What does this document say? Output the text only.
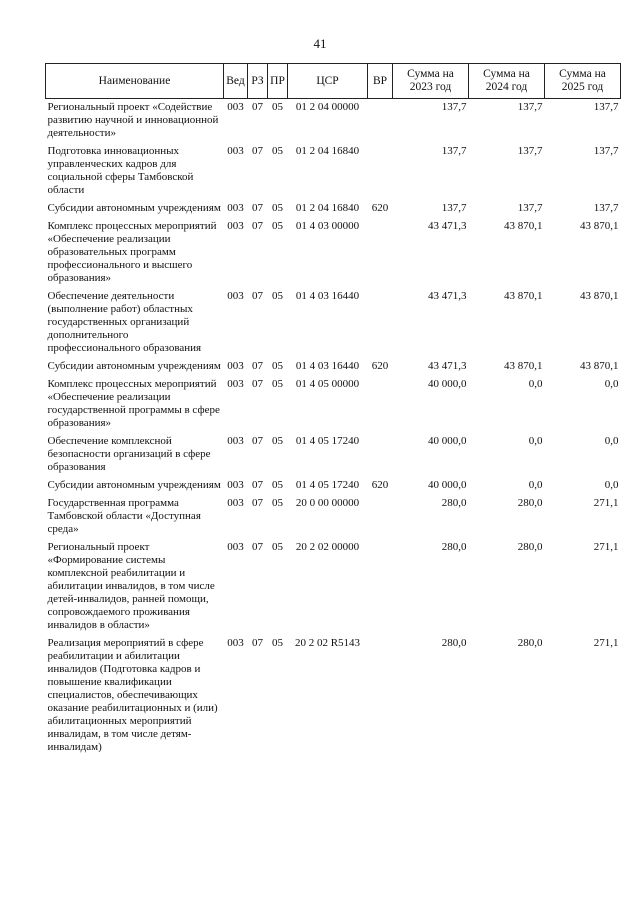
41
Наименование	Вед	РЗ	ПР	ЦСР	ВР	Сумма на 2023 год	Сумма на 2024 год	Сумма на 2025 год
Региональный проект «Содействие развитию научной и инновационной деятельности»	003	07	05	01 2 04 00000		137,7	137,7	137,7
Подготовка инновационных управленческих кадров для социальной сферы Тамбовской области	003	07	05	01 2 04 16840		137,7	137,7	137,7
Субсидии автономным учреждениям	003	07	05	01 2 04 16840	620	137,7	137,7	137,7
Комплекс процессных мероприятий «Обеспечение реализации образовательных программ профессионального и высшего образования»	003	07	05	01 4 03 00000		43 471,3	43 870,1	43 870,1
Обеспечение деятельности (выполнение работ) областных государственных организаций дополнительного профессионального образования	003	07	05	01 4 03 16440		43 471,3	43 870,1	43 870,1
Субсидии автономным учреждениям	003	07	05	01 4 03 16440	620	43 471,3	43 870,1	43 870,1
Комплекс процессных мероприятий «Обеспечение реализации государственной программы в сфере образования»	003	07	05	01 4 05 00000		40 000,0	0,0	0,0
Обеспечение комплексной безопасности организаций в сфере образования	003	07	05	01 4 05 17240		40 000,0	0,0	0,0
Субсидии автономным учреждениям	003	07	05	01 4 05 17240	620	40 000,0	0,0	0,0
Государственная программа Тамбовской области «Доступная среда»	003	07	05	20 0 00 00000		280,0	280,0	271,1
Региональный проект «Формирование системы комплексной реабилитации и абилитации инвалидов, в том числе детей-инвалидов, ранней помощи, сопровождаемого проживания инвалидов в области»	003	07	05	20 2 02 00000		280,0	280,0	271,1
Реализация мероприятий в сфере реабилитации и абилитации инвалидов (Подготовка кадров и повышение квалификации специалистов, обеспечивающих оказание реабилитационных и (или) абилитационных мероприятий инвалидам, в том числе детям-инвалидам)	003	07	05	20 2 02 R5143		280,0	280,0	271,1
